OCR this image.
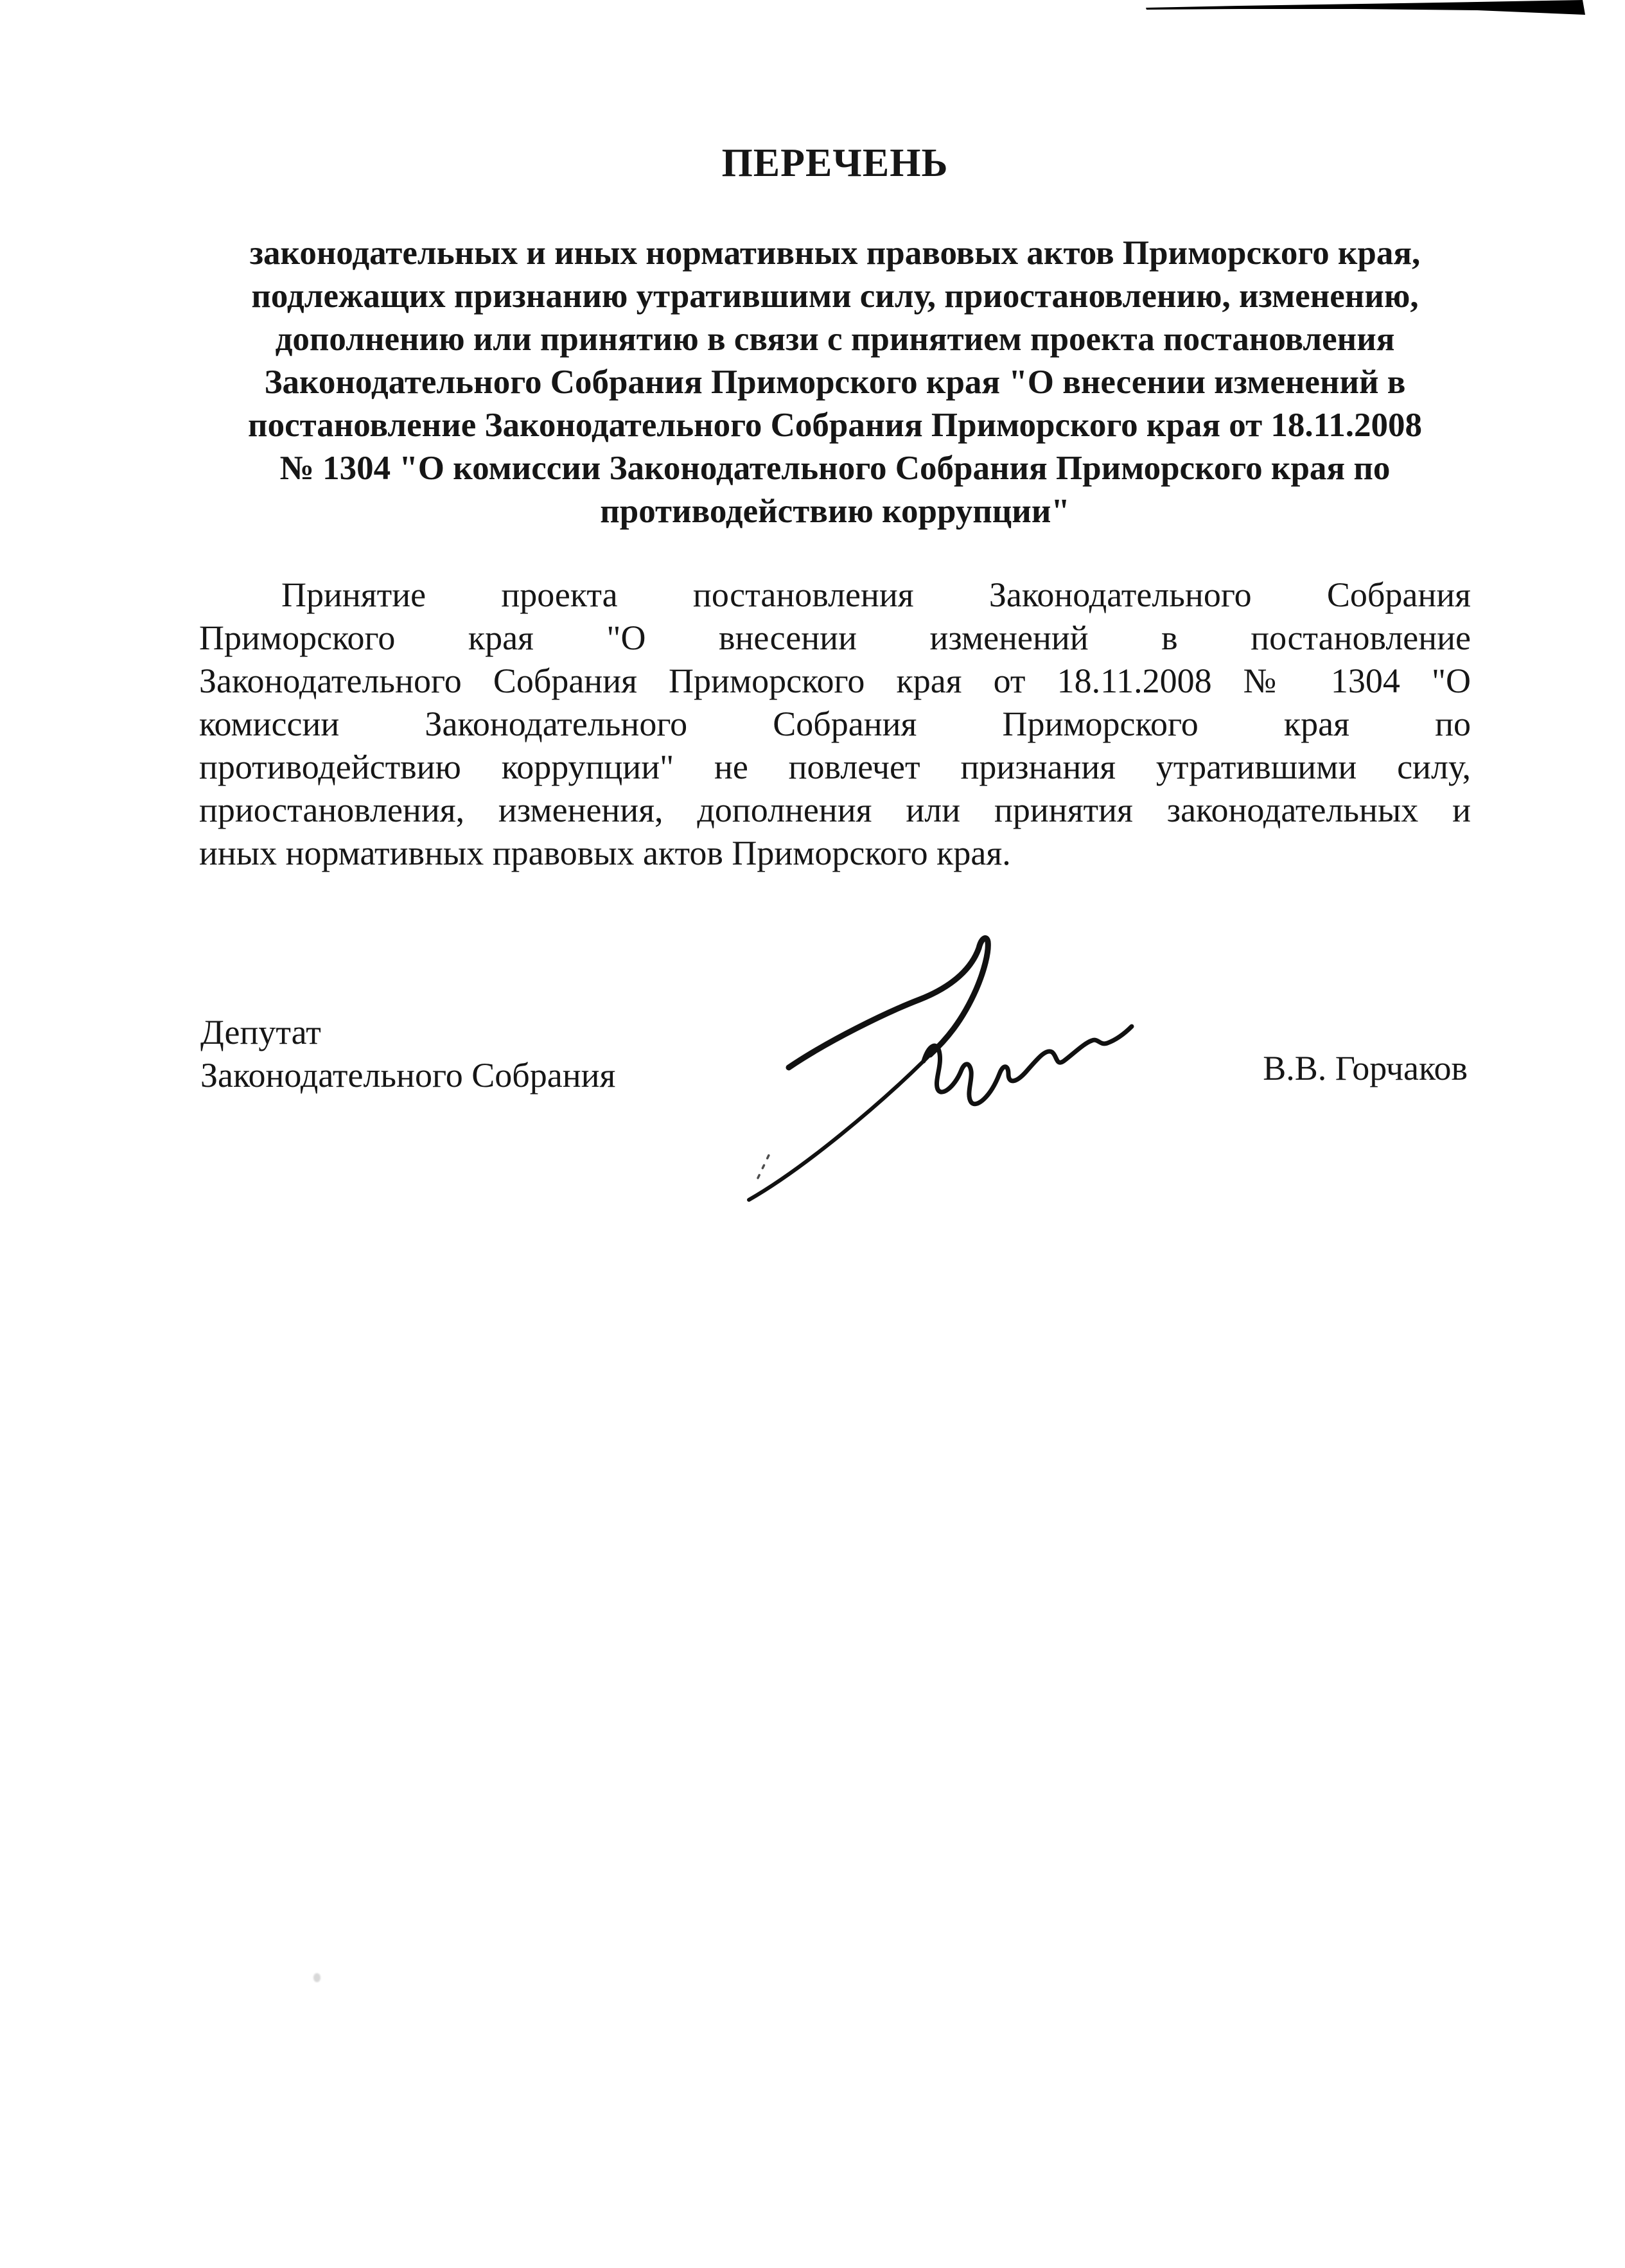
ПЕРЕЧЕНЬ
законодательных и иных нормативных правовых актов Приморского края,
подлежащих признанию утратившими силу, приостановлению, изменению,
дополнению или принятию в связи с принятием проекта постановления
Законодательного Собрания Приморского края "О внесении изменений в
постановление Законодательного Собрания Приморского края от 18.11.2008
№ 1304 "О комиссии Законодательного Собрания Приморского края по
противодействию коррупции"
Принятие проекта постановления Законодательного Собрания
Приморского края "О внесении изменений в постановление
Законодательного Собрания Приморского края от 18.11.2008 № 1304 "О
комиссии Законодательного Собрания Приморского края по
противодействию коррупции" не повлечет признания утратившими силу,
приостановления, изменения, дополнения или принятия законодательных и
иных нормативных правовых актов Приморского края.
Депутат
Законодательного Собрания	В.В. Горчаков
